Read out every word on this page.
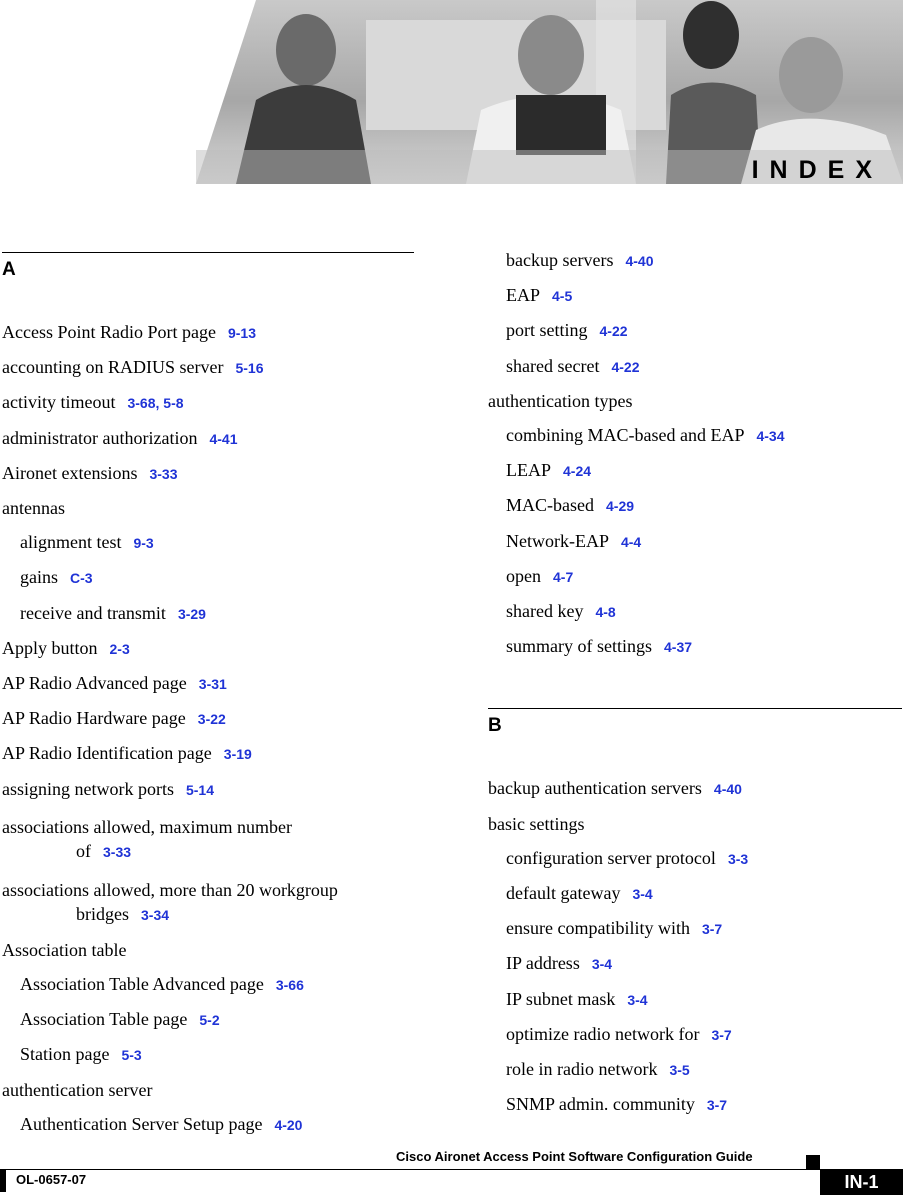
INDEX
A
Access Point Radio Port page 9-13
accounting on RADIUS server 5-16
activity timeout 3-68, 5-8
administrator authorization 4-41
Aironet extensions 3-33
antennas
alignment test 9-3
gains C-3
receive and transmit 3-29
Apply button 2-3
AP Radio Advanced page 3-31
AP Radio Hardware page 3-22
AP Radio Identification page 3-19
assigning network ports 5-14
associations allowed, maximum number
of 3-33
associations allowed, more than 20 workgroup
bridges 3-34
Association table
Association Table Advanced page 3-66
Association Table page 5-2
Station page 5-3
authentication server
Authentication Server Setup page 4-20
backup servers 4-40
EAP 4-5
port setting 4-22
shared secret 4-22
authentication types
combining MAC-based and EAP 4-34
LEAP 4-24
MAC-based 4-29
Network-EAP 4-4
open 4-7
shared key 4-8
summary of settings 4-37
B
backup authentication servers 4-40
basic settings
configuration server protocol 3-3
default gateway 3-4
ensure compatibility with 3-7
IP address 3-4
IP subnet mask 3-4
optimize radio network for 3-7
role in radio network 3-5
SNMP admin. community 3-7
Cisco Aironet Access Point Software Configuration Guide
OL-0657-07	IN-1
